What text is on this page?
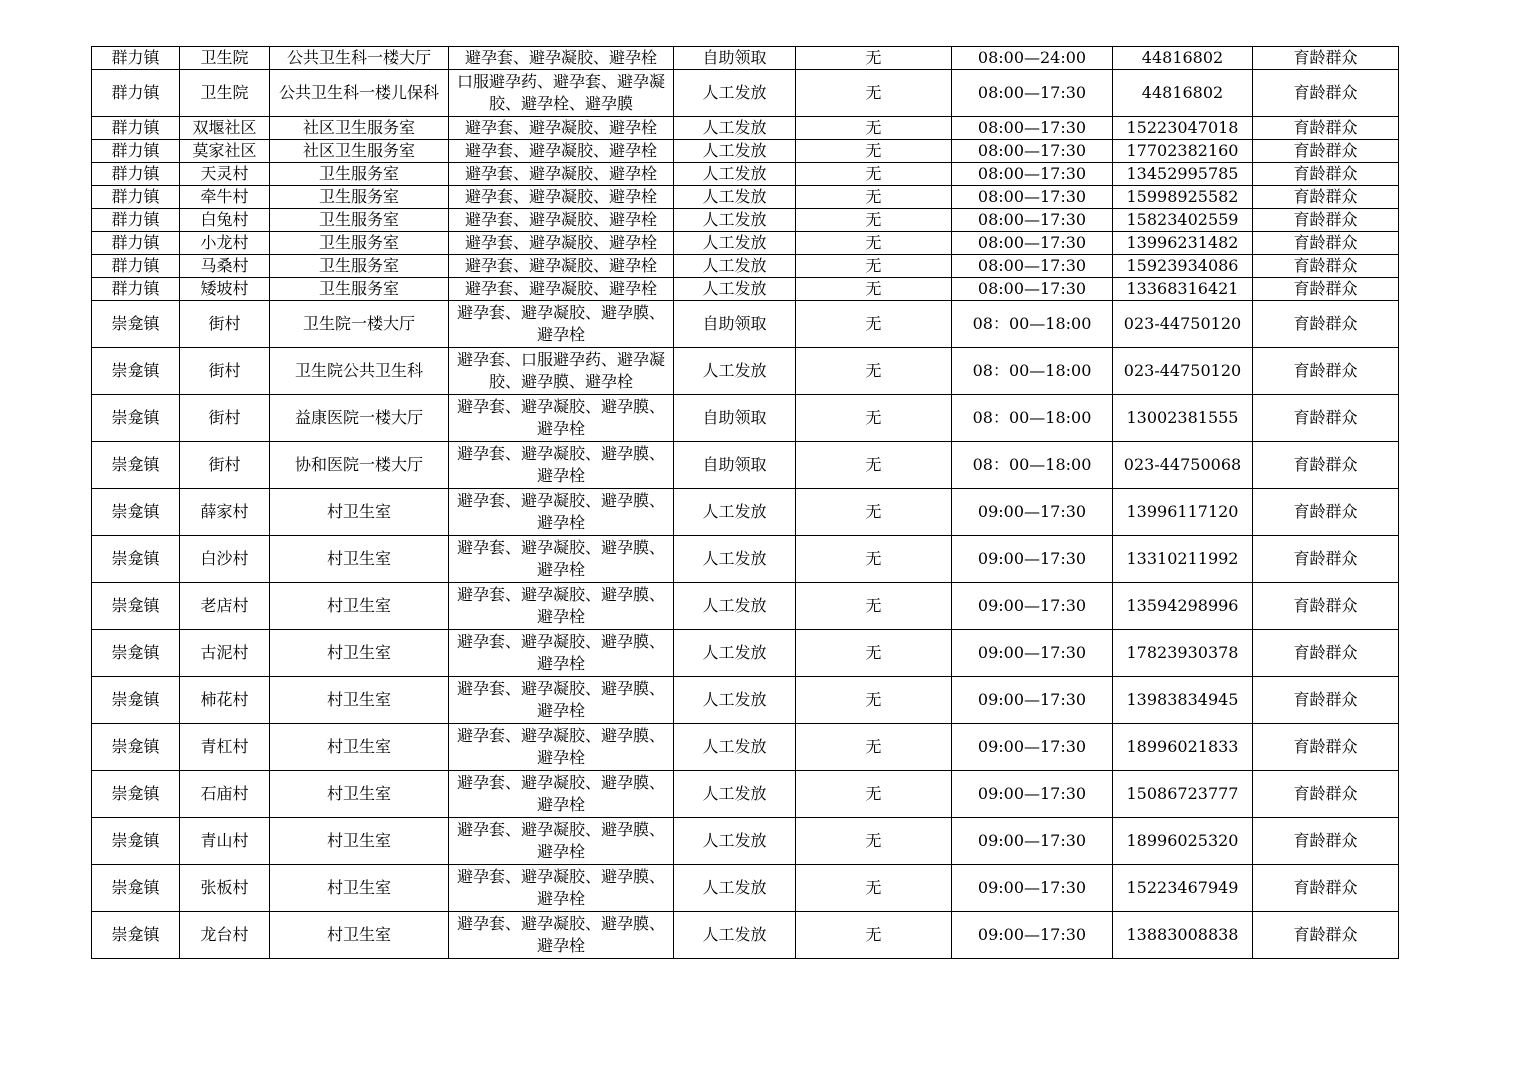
群力镇	卫生院	公共卫生科一楼大厅	避孕套、避孕凝胶、避孕栓	自助领取	无	08:00—24:00	44816802	育龄群众
群力镇	卫生院	公共卫生科一楼儿保科	口服避孕药、避孕套、避孕凝胶、避孕栓、避孕膜	人工发放	无	08:00—17:30	44816802	育龄群众
群力镇	双堰社区	社区卫生服务室	避孕套、避孕凝胶、避孕栓	人工发放	无	08:00—17:30	15223047018	育龄群众
群力镇	莫家社区	社区卫生服务室	避孕套、避孕凝胶、避孕栓	人工发放	无	08:00—17:30	17702382160	育龄群众
群力镇	天灵村	卫生服务室	避孕套、避孕凝胶、避孕栓	人工发放	无	08:00—17:30	13452995785	育龄群众
群力镇	牵牛村	卫生服务室	避孕套、避孕凝胶、避孕栓	人工发放	无	08:00—17:30	15998925582	育龄群众
群力镇	白兔村	卫生服务室	避孕套、避孕凝胶、避孕栓	人工发放	无	08:00—17:30	15823402559	育龄群众
群力镇	小龙村	卫生服务室	避孕套、避孕凝胶、避孕栓	人工发放	无	08:00—17:30	13996231482	育龄群众
群力镇	马桑村	卫生服务室	避孕套、避孕凝胶、避孕栓	人工发放	无	08:00—17:30	15923934086	育龄群众
群力镇	矮坡村	卫生服务室	避孕套、避孕凝胶、避孕栓	人工发放	无	08:00—17:30	13368316421	育龄群众
崇龛镇	街村	卫生院一楼大厅	避孕套、避孕凝胶、避孕膜、避孕栓	自助领取	无	08：00—18:00	023-44750120	育龄群众
崇龛镇	街村	卫生院公共卫生科	避孕套、口服避孕药、避孕凝胶、避孕膜、避孕栓	人工发放	无	08：00—18:00	023-44750120	育龄群众
崇龛镇	街村	益康医院一楼大厅	避孕套、避孕凝胶、避孕膜、避孕栓	自助领取	无	08：00—18:00	13002381555	育龄群众
崇龛镇	街村	协和医院一楼大厅	避孕套、避孕凝胶、避孕膜、避孕栓	自助领取	无	08：00—18:00	023-44750068	育龄群众
崇龛镇	薛家村	村卫生室	避孕套、避孕凝胶、避孕膜、避孕栓	人工发放	无	09:00—17:30	13996117120	育龄群众
崇龛镇	白沙村	村卫生室	避孕套、避孕凝胶、避孕膜、避孕栓	人工发放	无	09:00—17:30	13310211992	育龄群众
崇龛镇	老店村	村卫生室	避孕套、避孕凝胶、避孕膜、避孕栓	人工发放	无	09:00—17:30	13594298996	育龄群众
崇龛镇	古泥村	村卫生室	避孕套、避孕凝胶、避孕膜、避孕栓	人工发放	无	09:00—17:30	17823930378	育龄群众
崇龛镇	柿花村	村卫生室	避孕套、避孕凝胶、避孕膜、避孕栓	人工发放	无	09:00—17:30	13983834945	育龄群众
崇龛镇	青杠村	村卫生室	避孕套、避孕凝胶、避孕膜、避孕栓	人工发放	无	09:00—17:30	18996021833	育龄群众
崇龛镇	石庙村	村卫生室	避孕套、避孕凝胶、避孕膜、避孕栓	人工发放	无	09:00—17:30	15086723777	育龄群众
崇龛镇	青山村	村卫生室	避孕套、避孕凝胶、避孕膜、避孕栓	人工发放	无	09:00—17:30	18996025320	育龄群众
崇龛镇	张板村	村卫生室	避孕套、避孕凝胶、避孕膜、避孕栓	人工发放	无	09:00—17:30	15223467949	育龄群众
崇龛镇	龙台村	村卫生室	避孕套、避孕凝胶、避孕膜、避孕栓	人工发放	无	09:00—17:30	13883008838	育龄群众
